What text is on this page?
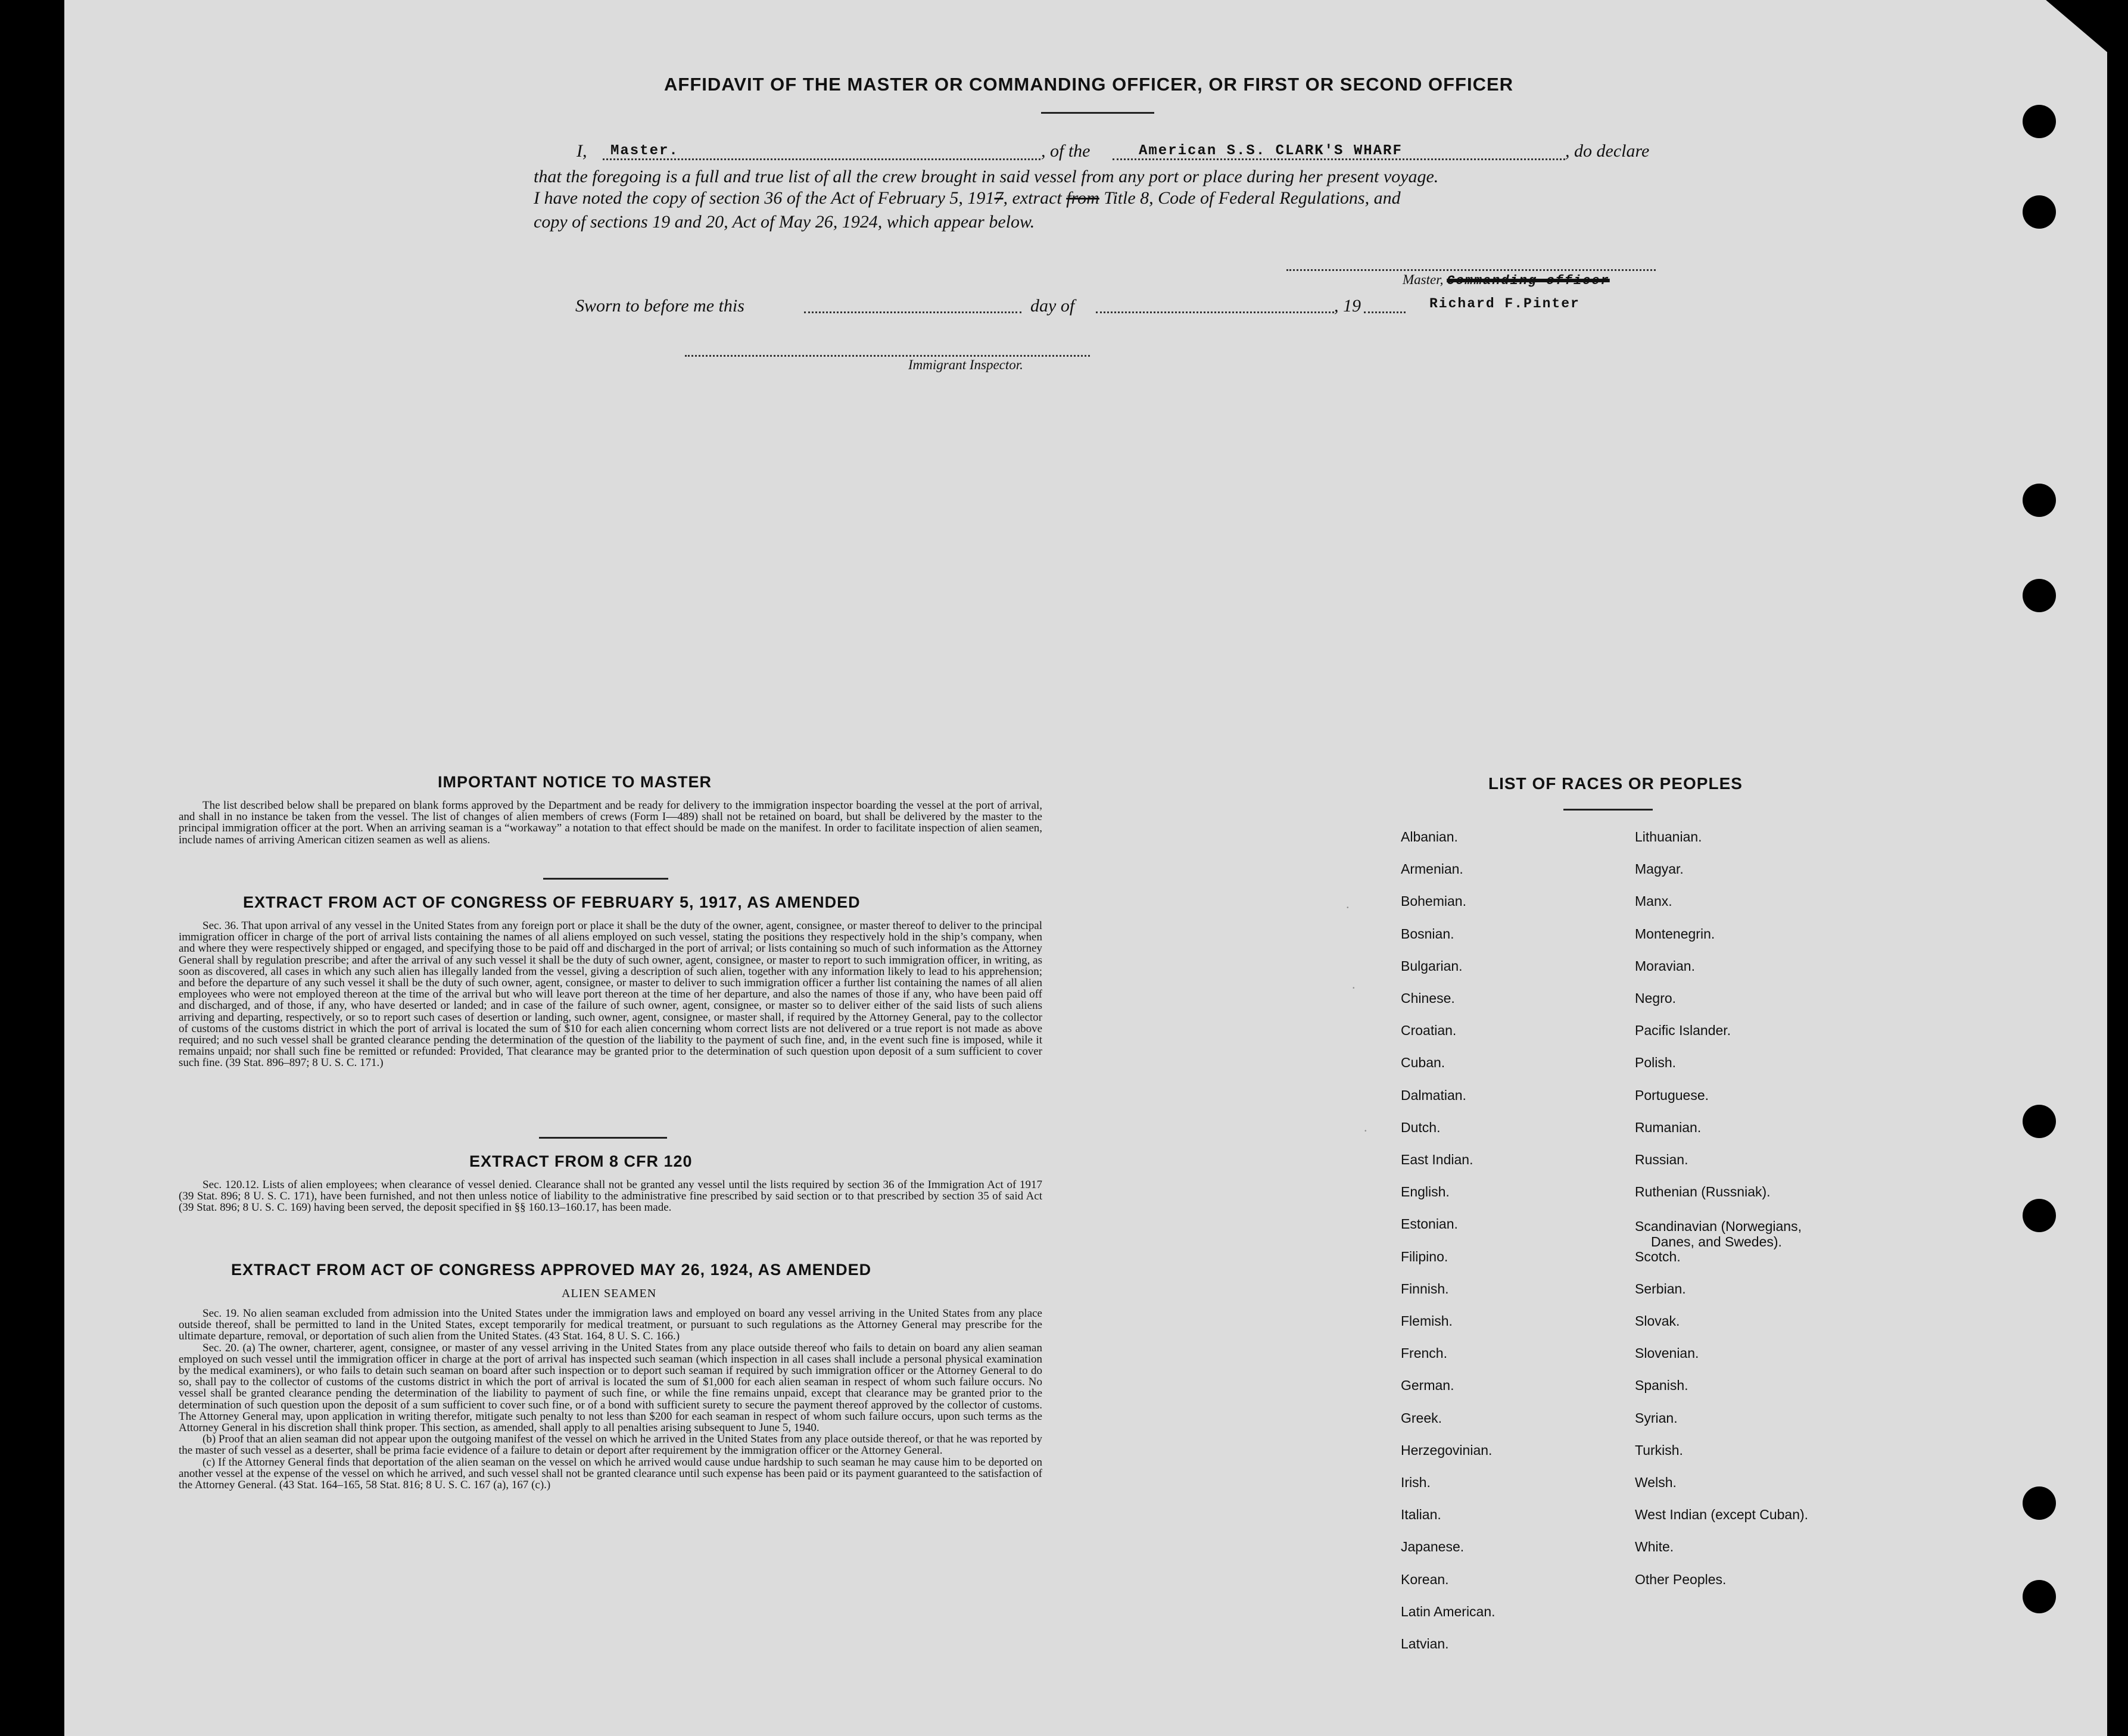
AFFIDAVIT OF THE MASTER OR COMMANDING OFFICER, OR FIRST OR SECOND OFFICER
I, Master.	, of the	American S.S. CLARK'S WHARF	, do declare
that the foregoing is a full and true list of all the crew brought in said vessel from any port or place during her present voyage.
I have noted the copy of section 36 of the Act of February 5, 1917, extract from Title 8, Code of Federal Regulations, and
copy of sections 19 and 20, Act of May 26, 1924, which appear below.
Master, Commanding officer
Sworn to before me this	day of	, 19	Richard F.Pinter
Immigrant Inspector.
IMPORTANT NOTICE TO MASTER

The list described below shall be prepared on blank forms approved by the Department and be ready for delivery to the immigration inspector boarding the vessel at the port of arrival, and shall in no instance be taken from the vessel. The list of changes of alien members of crews (Form I—489) shall not be retained on board, but shall be delivered by the master to the principal immigration officer at the port. When an arriving seaman is a “workaway” a notation to that effect should be made on the manifest. In order to facilitate inspection of alien seamen, include names of arriving American citizen seamen as well as aliens.

EXTRACT FROM ACT OF CONGRESS OF FEBRUARY 5, 1917, AS AMENDED

Sec. 36. That upon arrival of any vessel in the United States from any foreign port or place it shall be the duty of the owner, agent, consignee, or master thereof to deliver to the principal immigration officer in charge of the port of arrival lists containing the names of all aliens employed on such vessel, stating the positions they respectively hold in the ship’s company, when and where they were respectively shipped or engaged, and specifying those to be paid off and discharged in the port of arrival; or lists containing so much of such information as the Attorney General shall by regulation prescribe; and after the arrival of any such vessel it shall be the duty of such owner, agent, consignee, or master to report to such immigration officer, in writing, as soon as discovered, all cases in which any such alien has illegally landed from the vessel, giving a description of such alien, together with any information likely to lead to his apprehension; and before the departure of any such vessel it shall be the duty of such owner, agent, consignee, or master to deliver to such immigration officer a further list containing the names of all alien employees who were not employed thereon at the time of the arrival but who will leave port thereon at the time of her departure, and also the names of those if any, who have been paid off and discharged, and of those, if any, who have deserted or landed; and in case of the failure of such owner, agent, consignee, or master so to deliver either of the said lists of such aliens arriving and departing, respectively, or so to report such cases of desertion or landing, such owner, agent, consignee, or master shall, if required by the Attorney General, pay to the collector of customs of the customs district in which the port of arrival is located the sum of $10 for each alien concerning whom correct lists are not delivered or a true report is not made as above required; and no such vessel shall be granted clearance pending the determination of the question of the liability to the payment of such fine, and, in the event such fine is imposed, while it remains unpaid; nor shall such fine be remitted or refunded: Provided, That clearance may be granted prior to the determination of such question upon deposit of a sum sufficient to cover such fine. (39 Stat. 896–897; 8 U. S. C. 171.)

EXTRACT FROM 8 CFR 120

Sec. 120.12. Lists of alien employees; when clearance of vessel denied. Clearance shall not be granted any vessel until the lists required by section 36 of the Immigration Act of 1917 (39 Stat. 896; 8 U. S. C. 171), have been furnished, and not then unless notice of liability to the administrative fine prescribed by said section or to that prescribed by section 35 of said Act (39 Stat. 896; 8 U. S. C. 169) having been served, the deposit specified in §§ 160.13–160.17, has been made.

EXTRACT FROM ACT OF CONGRESS APPROVED MAY 26, 1924, AS AMENDED
ALIEN SEAMEN

Sec. 19. No alien seaman excluded from admission into the United States under the immigration laws and employed on board any vessel arriving in the United States from any place outside thereof, shall be permitted to land in the United States, except temporarily for medical treatment, or pursuant to such regulations as the Attorney General may prescribe for the ultimate departure, removal, or deportation of such alien from the United States. (43 Stat. 164, 8 U. S. C. 166.)

Sec. 20. (a) The owner, charterer, agent, consignee, or master of any vessel arriving in the United States from any place outside thereof who fails to detain on board any alien seaman employed on such vessel until the immigration officer in charge at the port of arrival has inspected such seaman (which inspection in all cases shall include a personal physical examination by the medical examiners), or who fails to detain such seaman on board after such inspection or to deport such seaman if required by such immigration officer or the Attorney General to do so, shall pay to the collector of customs of the customs district in which the port of arrival is located the sum of $1,000 for each alien seaman in respect of whom such failure occurs. No vessel shall be granted clearance pending the determination of the liability to payment of such fine, or while the fine remains unpaid, except that clearance may be granted prior to the determination of such question upon the deposit of a sum sufficient to cover such fine, or of a bond with sufficient surety to secure the payment thereof approved by the collector of customs. The Attorney General may, upon application in writing therefor, mitigate such penalty to not less than $200 for each seaman in respect of whom such failure occurs, upon such terms as the Attorney General in his discretion shall think proper. This section, as amended, shall apply to all penalties arising subsequent to June 5, 1940.

(b) Proof that an alien seaman did not appear upon the outgoing manifest of the vessel on which he arrived in the United States from any place outside thereof, or that he was reported by the master of such vessel as a deserter, shall be prima facie evidence of a failure to detain or deport after requirement by the immigration officer or the Attorney General.

(c) If the Attorney General finds that deportation of the alien seaman on the vessel on which he arrived would cause undue hardship to such seaman he may cause him to be deported on another vessel at the expense of the vessel on which he arrived, and such vessel shall not be granted clearance until such expense has been paid or its payment guaranteed to the satisfaction of the Attorney General. (43 Stat. 164–165, 58 Stat. 816; 8 U. S. C. 167 (a), 167 (c).)

LIST OF RACES OR PEOPLES
Albanian.
Armenian.
Bohemian.
Bosnian.
Bulgarian.
Chinese.
Croatian.
Cuban.
Dalmatian.
Dutch.
East Indian.
English.
Estonian.
Filipino.
Finnish.
Flemish.
French.
German.
Greek.
Herzegovinian.
Irish.
Italian.
Japanese.
Korean.
Latin American.
Latvian.
Lithuanian.
Magyar.
Manx.
Montenegrin.
Moravian.
Negro.
Pacific Islander.
Polish.
Portuguese.
Rumanian.
Russian.
Ruthenian (Russniak).
Scandinavian (Norwegians,
Danes, and Swedes).
Scotch.
Serbian.
Slovak.
Slovenian.
Spanish.
Syrian.
Turkish.
Welsh.
West Indian (except Cuban).
White.
Other Peoples.
.
.
.
